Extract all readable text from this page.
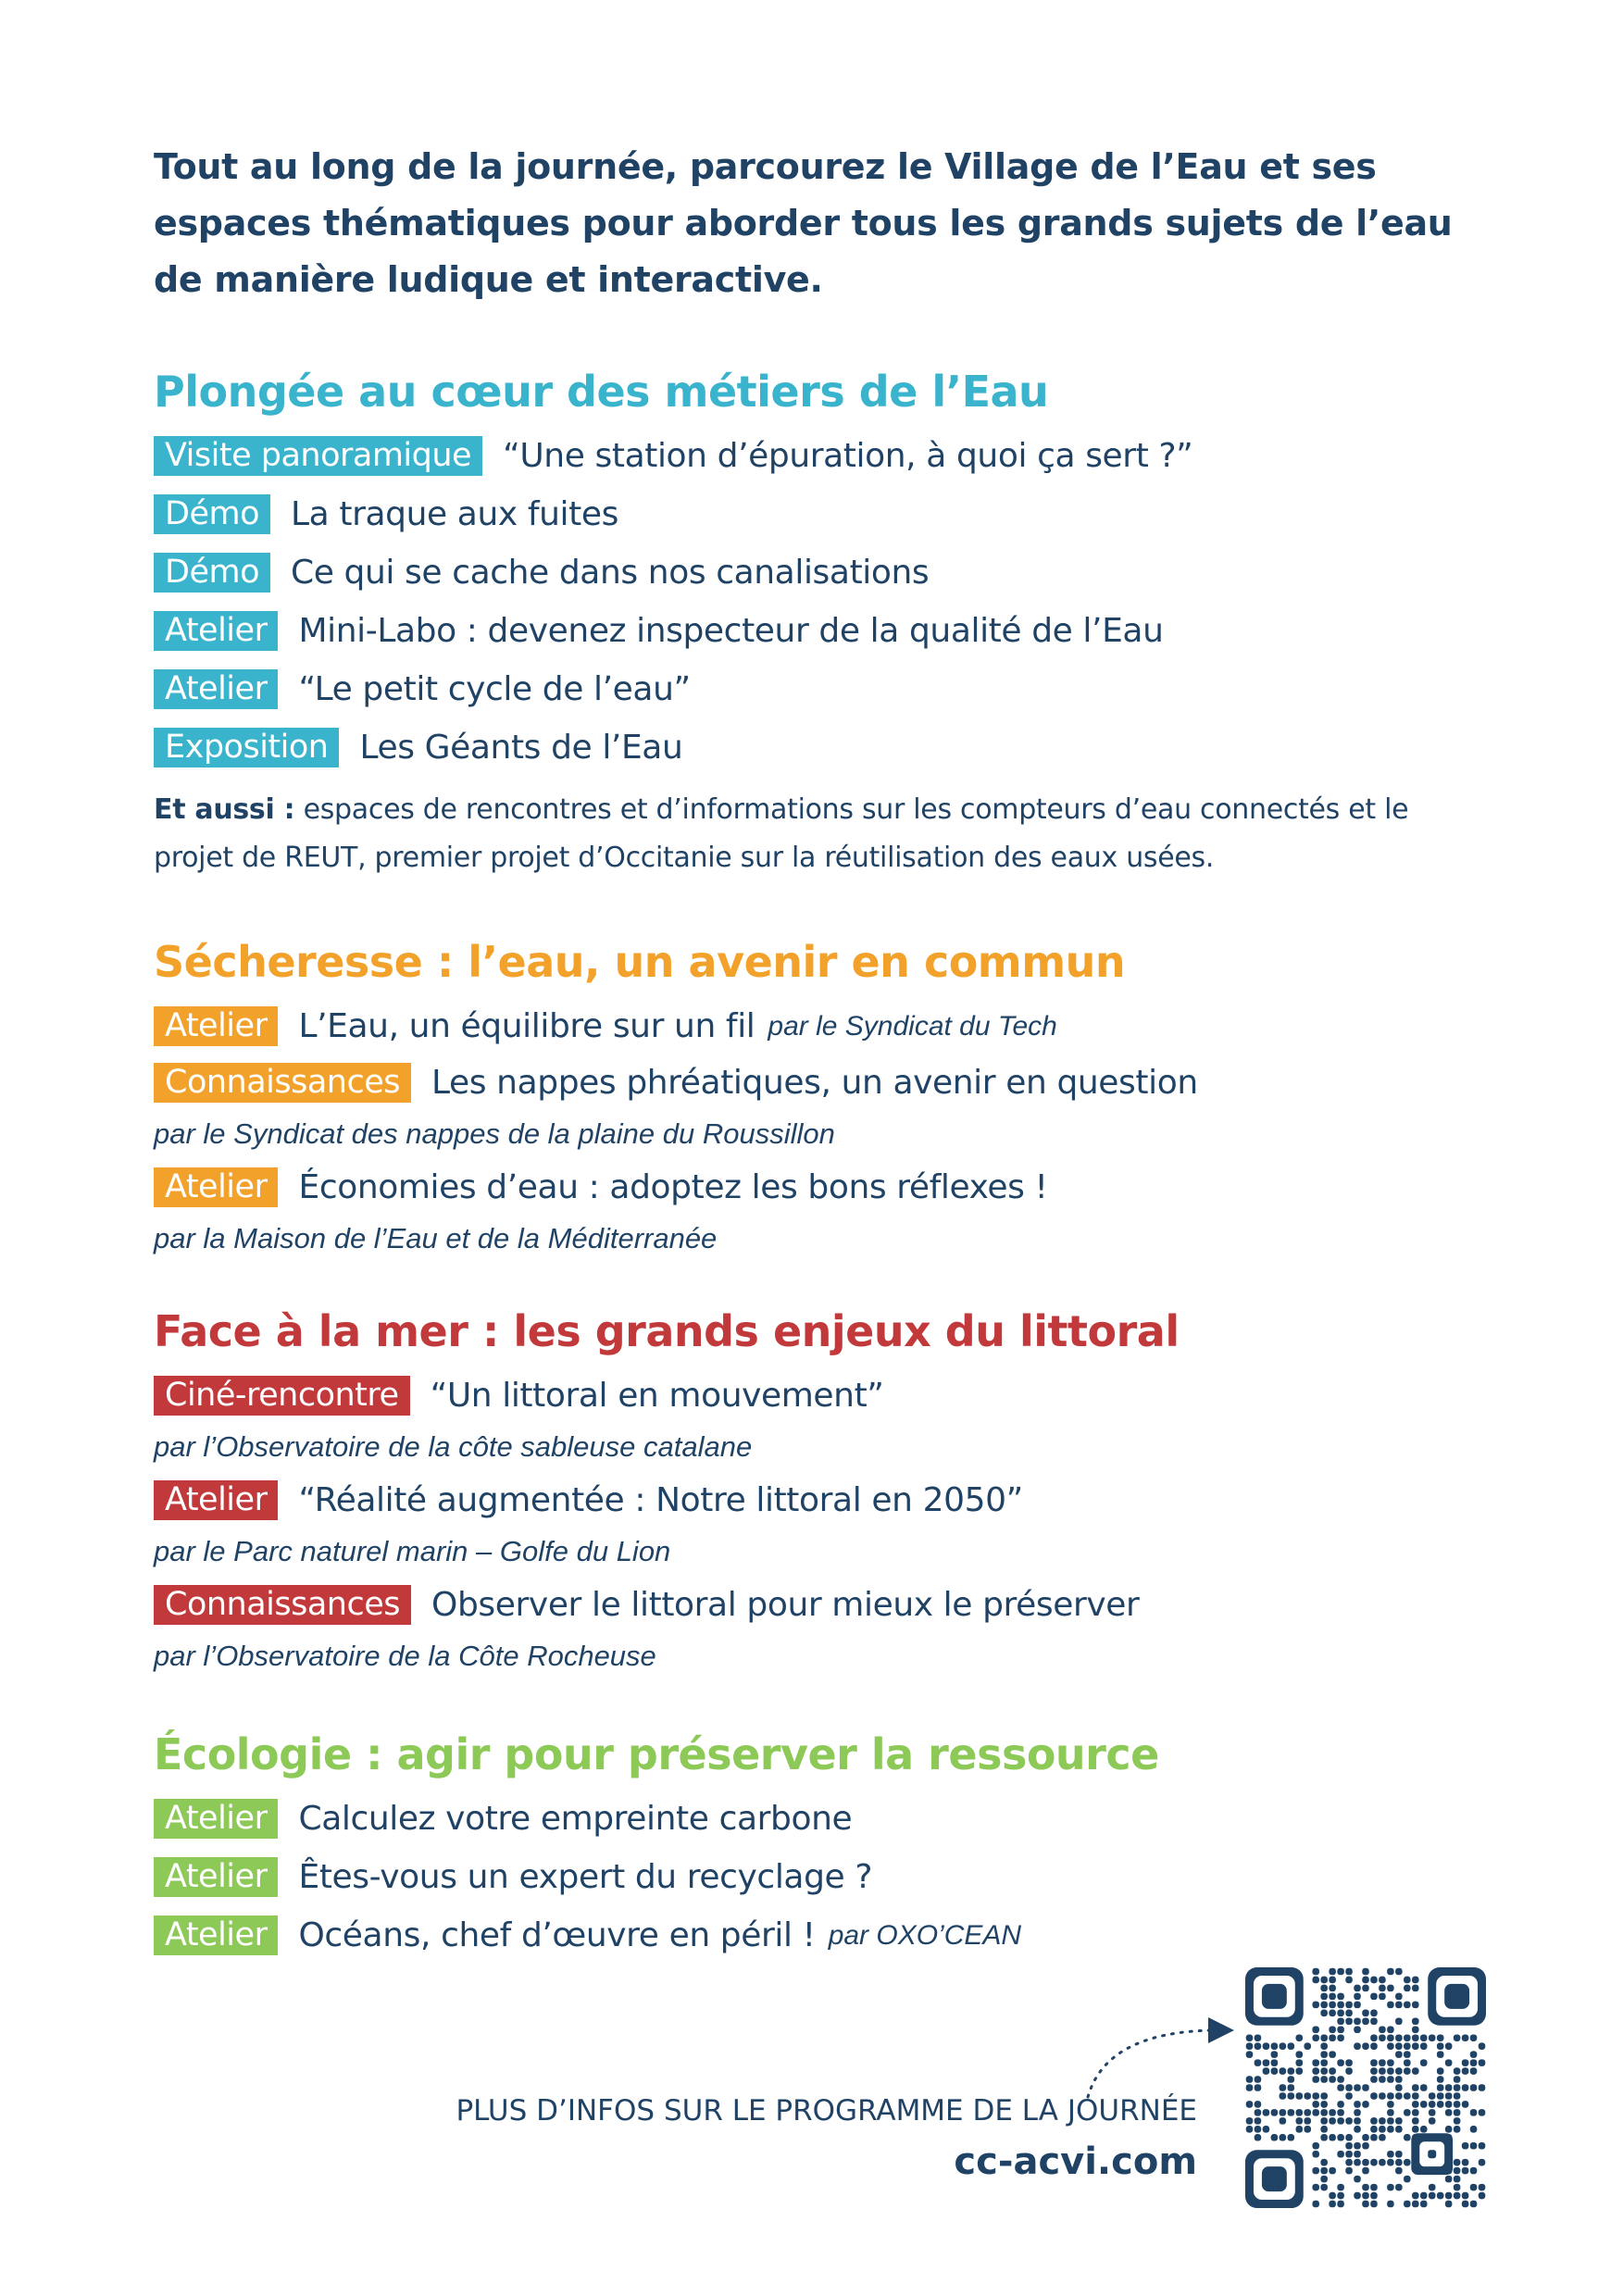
Tout au long de la journée, parcourez le Village de l’Eau et ses espaces thématiques pour aborder tous les grands sujets de l’eau de manière ludique et interactive.

Plongée au cœur des métiers de l’Eau
Visite panoramique “Une station d’épuration, à quoi ça sert ?”
Démo La traque aux fuites
Démo Ce qui se cache dans nos canalisations
Atelier Mini-Labo : devenez inspecteur de la qualité de l’Eau
Atelier “Le petit cycle de l’eau”
Exposition Les Géants de l’Eau
Et aussi : espaces de rencontres et d’informations sur les compteurs d’eau connectés et le projet de REUT, premier projet d’Occitanie sur la réutilisation des eaux usées.
Sécheresse : l’eau, un avenir en commun
Atelier L’Eau, un équilibre sur un fil par le Syndicat du Tech
Connaissances Les nappes phréatiques, un avenir en question
par le Syndicat des nappes de la plaine du Roussillon
Atelier Économies d’eau : adoptez les bons réflexes !
par la Maison de l’Eau et de la Méditerranée
Face à la mer : les grands enjeux du littoral
Ciné-rencontre “Un littoral en mouvement”
par l’Observatoire de la côte sableuse catalane
Atelier “Réalité augmentée : Notre littoral en 2050”
par le Parc naturel marin – Golfe du Lion
Connaissances Observer le littoral pour mieux le préserver
par l’Observatoire de la Côte Rocheuse
Écologie : agir pour préserver la ressource
Atelier Calculez votre empreinte carbone
Atelier Êtes-vous un expert du recyclage ?
Atelier Océans, chef d’œuvre en péril ! par OXO’CEAN
PLUS D’INFOS SUR LE PROGRAMME DE LA JOURNÉE
cc-acvi.com
